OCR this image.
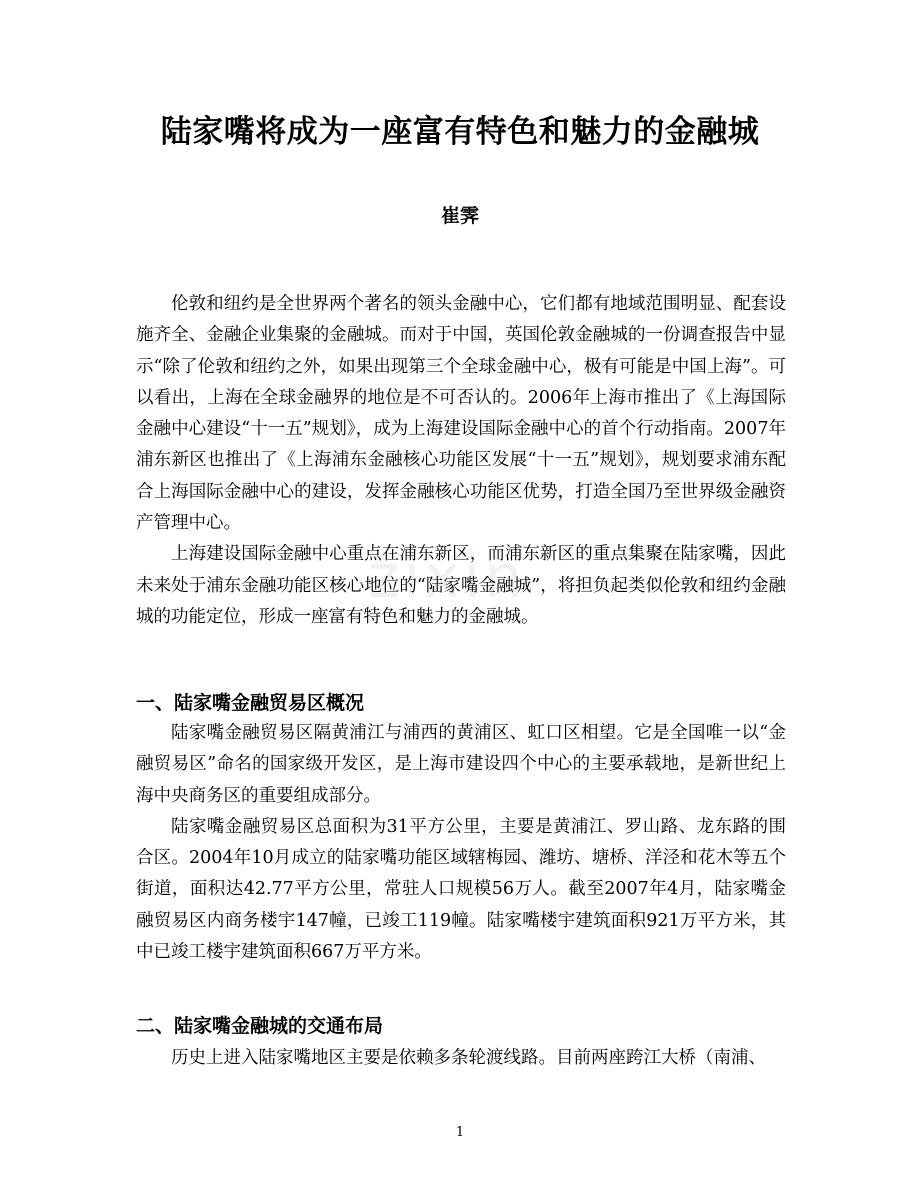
陆家嘴将成为一座富有特色和魅力的金融城
崔霁

伦敦和纽约是全世界两个著名的领头金融中心，它们都有地域范围明显、配套设施齐全、金融企业集聚的金融城。而对于中国，英国伦敦金融城的一份调查报告中显示“除了伦敦和纽约之外，如果出现第三个全球金融中心，极有可能是中国上海”。可以看出，上海在全球金融界的地位是不可否认的。2006年上海市推出了《上海国际金融中心建设“十一五”规划》，成为上海建设国际金融中心的首个行动指南。2007年浦东新区也推出了《上海浦东金融核心功能区发展“十一五”规划》，规划要求浦东配合上海国际金融中心的建设，发挥金融核心功能区优势，打造全国乃至世界级金融资产管理中心。

上海建设国际金融中心重点在浦东新区，而浦东新区的重点集聚在陆家嘴，因此未来处于浦东金融功能区核心地位的“陆家嘴金融城”，将担负起类似伦敦和纽约金融城的功能定位，形成一座富有特色和魅力的金融城。

一、陆家嘴金融贸易区概况

陆家嘴金融贸易区隔黄浦江与浦西的黄浦区、虹口区相望。它是全国唯一以“金融贸易区”命名的国家级开发区，是上海市建设四个中心的主要承载地，是新世纪上海中央商务区的重要组成部分。

陆家嘴金融贸易区总面积为31平方公里，主要是黄浦江、罗山路、龙东路的围合区。2004年10月成立的陆家嘴功能区域辖梅园、潍坊、塘桥、洋泾和花木等五个街道，面积达42.77平方公里，常驻人口规模56万人。截至2007年4月，陆家嘴金融贸易区内商务楼宇147幢，已竣工119幢。陆家嘴楼宇建筑面积921万平方米，其中已竣工楼宇建筑面积667万平方米。

二、陆家嘴金融城的交通布局

历史上进入陆家嘴地区主要是依赖多条轮渡线路。目前两座跨江大桥（南浦、

zixin
1
